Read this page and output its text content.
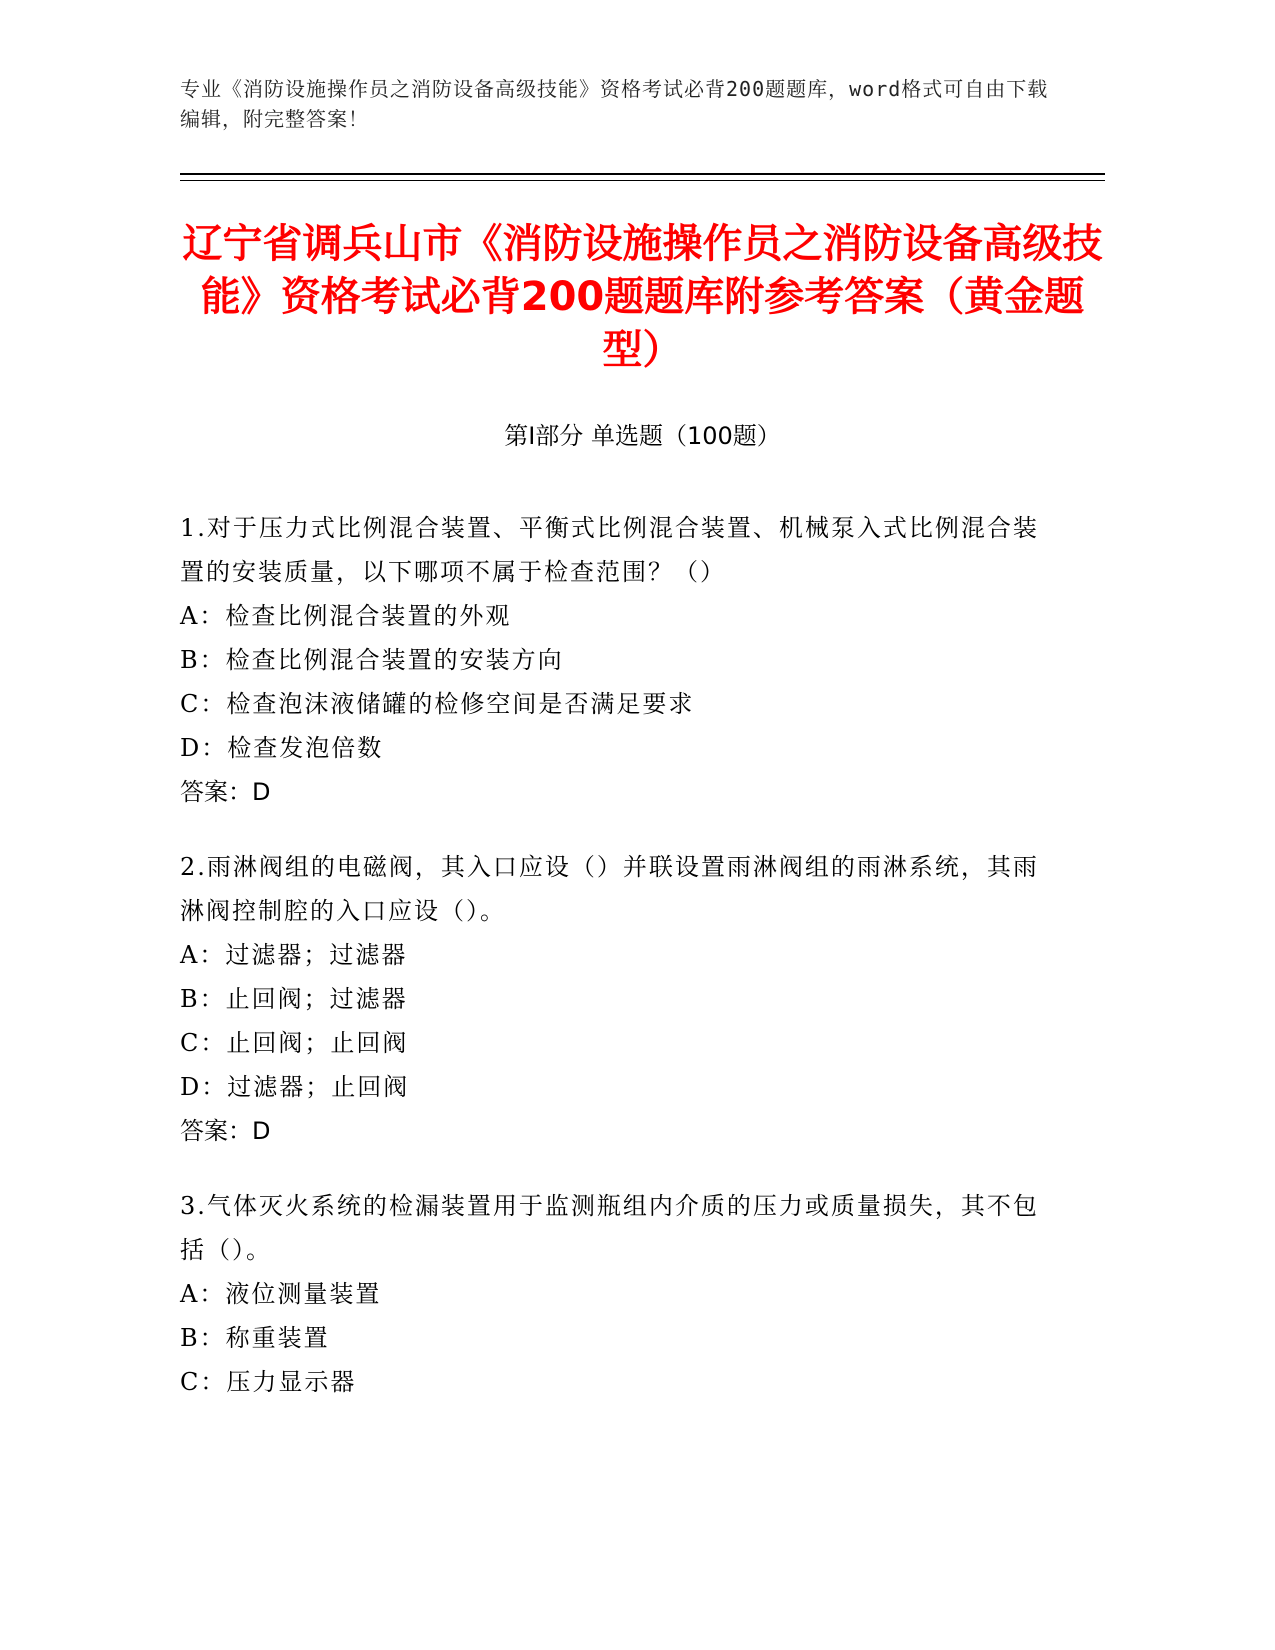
专业《消防设施操作员之消防设备高级技能》资格考试必背200题题库，word格式可自由下载编辑，附完整答案！
辽宁省调兵山市《消防设施操作员之消防设备高级技能》资格考试必背200题题库附参考答案（黄金题型）
第Ⅰ部分 单选题（100题）
1.对于压力式比例混合装置、平衡式比例混合装置、机械泵入式比例混合装置的安装质量，以下哪项不属于检查范围？（）
A：检查比例混合装置的外观
B：检查比例混合装置的安装方向
C：检查泡沫液储罐的检修空间是否满足要求
D：检查发泡倍数
答案：D
2.雨淋阀组的电磁阀，其入口应设（）并联设置雨淋阀组的雨淋系统，其雨淋阀控制腔的入口应设（）。
A：过滤器；过滤器
B：止回阀；过滤器
C：止回阀；止回阀
D：过滤器；止回阀
答案：D
3.气体灭火系统的检漏装置用于监测瓶组内介质的压力或质量损失，其不包括（）。
A：液位测量装置
B：称重装置
C：压力显示器
